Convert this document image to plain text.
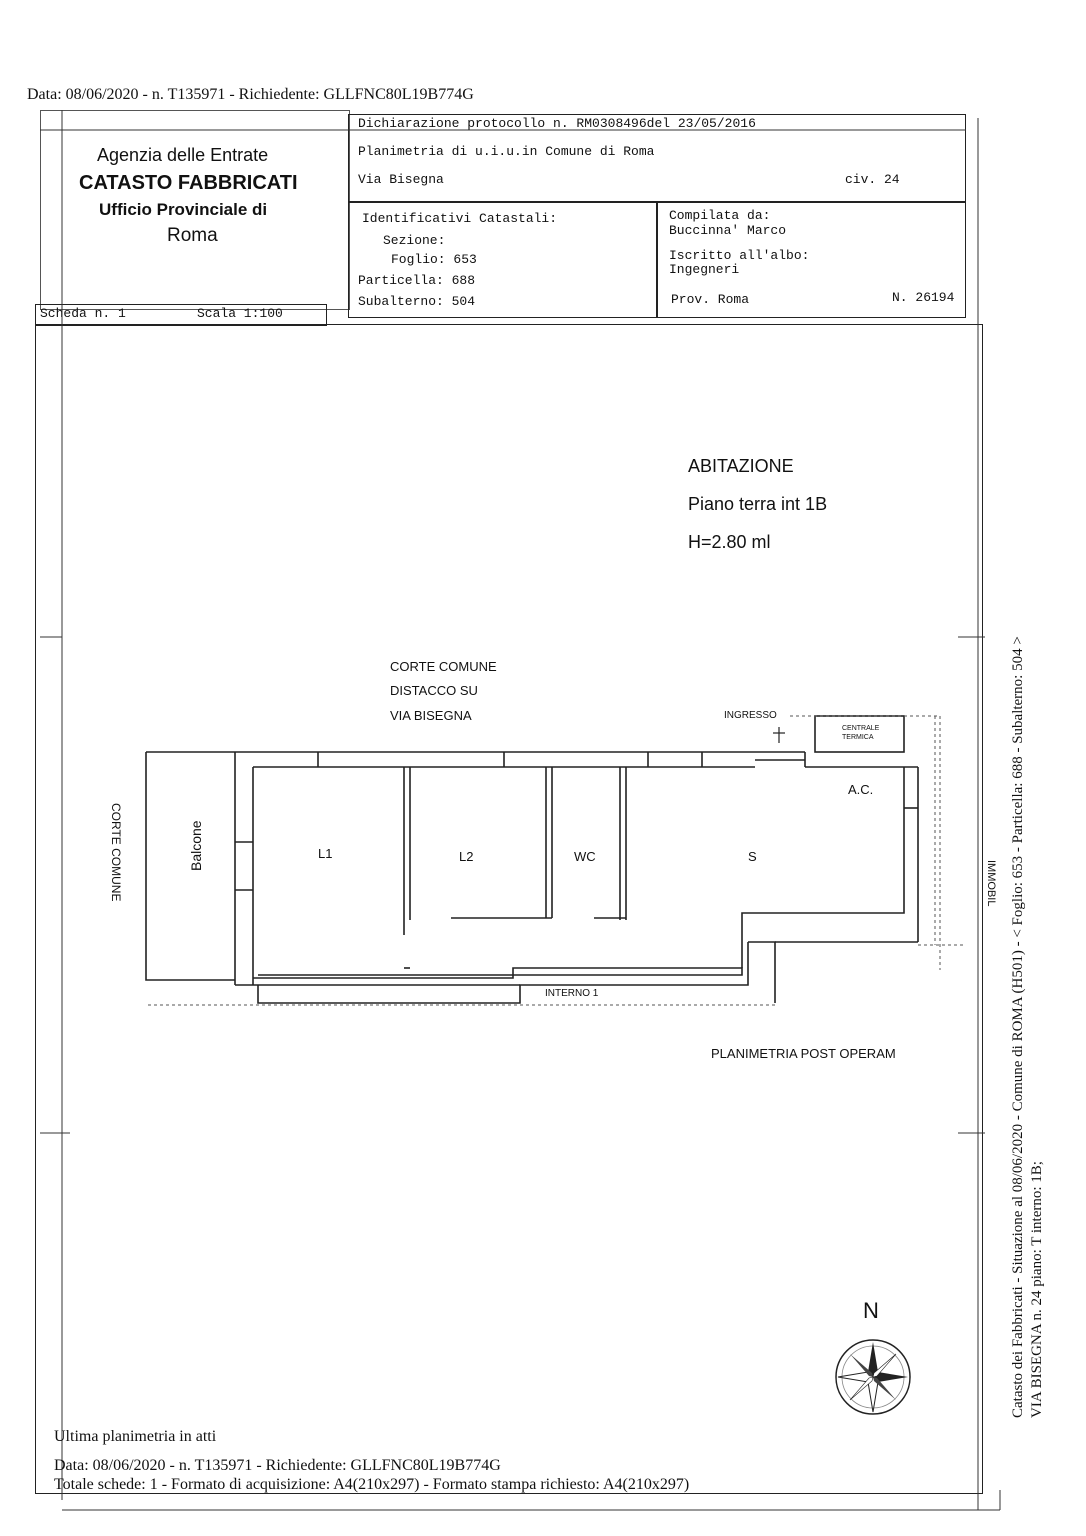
Data: 08/06/2020 - n. T135971 - Richiedente: GLLFNC80L19B774G
Agenzia delle Entrate
CATASTO FABBRICATI
Ufficio Provinciale di
Roma
Dichiarazione protocollo n. RM0308496del 23/05/2016
Planimetria di u.i.u.in Comune di Roma
Via Bisegna	civ. 24
Identificativi Catastali:
Sezione:
Foglio: 653
Particella: 688
Subalterno: 504
Compilata da:
Buccinna' Marco
Iscritto all'albo:
Ingegneri
Prov. Roma	N. 26194
Scheda n. 1	Scala 1:100
ABITAZIONE
Piano terra int 1B
H=2.80 ml
CORTE COMUNE
DISTACCO SU
VIA BISEGNA	INGRESSO
CENTRALE
TERMICA
A.C.
CORTE COMUNE	Balcone	L1	L2	WC	S
INTERNO 1
PLANIMETRIA POST OPERAM
IMMOBIL
N	Catasto dei Fabbricati - Situazione al 08/06/2020 - Comune di ROMA (H501) - < Foglio: 653 - Particella: 688 - Subalterno: 504 > VIA BISEGNA n. 24 piano: T interno: 1B;
Ultima planimetria in atti
Data: 08/06/2020 - n. T135971 - Richiedente: GLLFNC80L19B774G
Totale schede: 1 - Formato di acquisizione: A4(210x297) - Formato stampa richiesto: A4(210x297)
